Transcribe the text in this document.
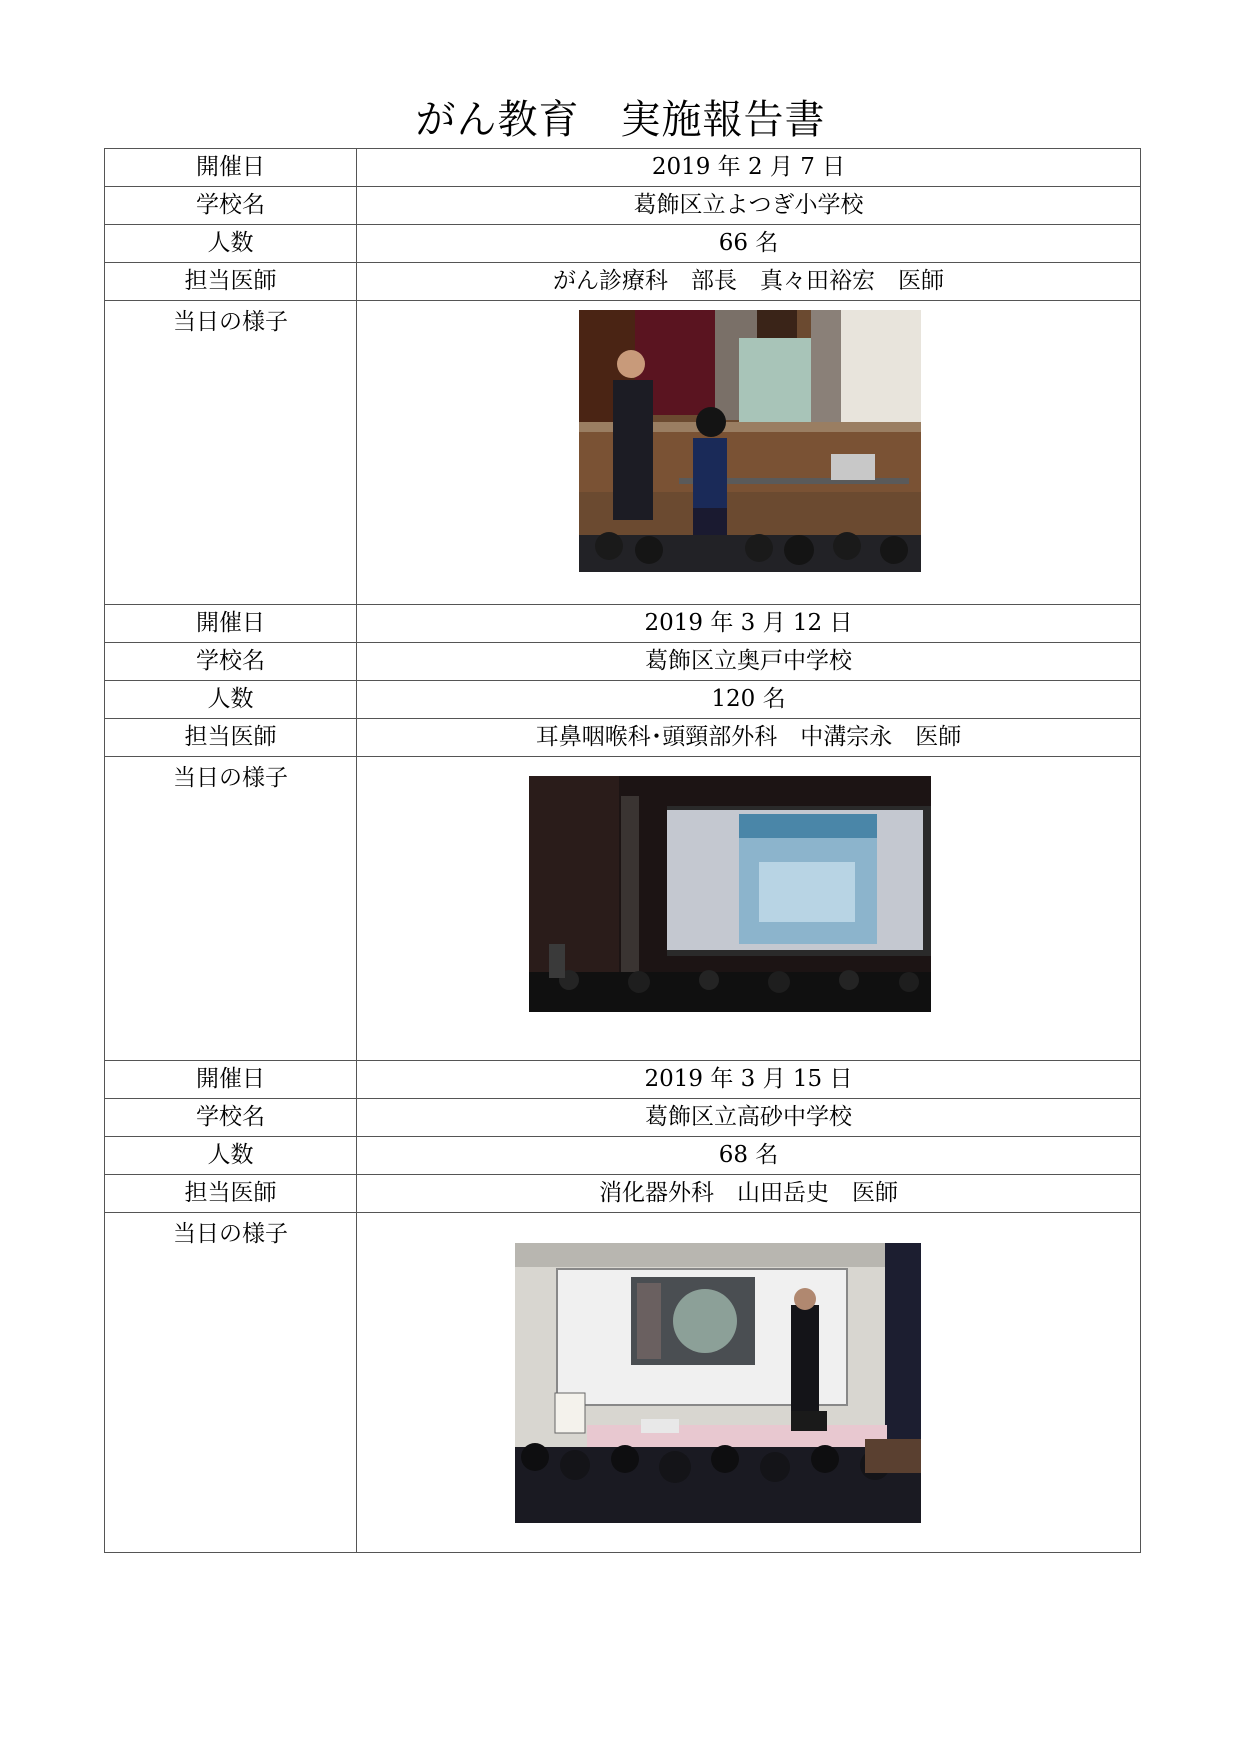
がん教育　実施報告書
開催日	2019 年 2 月 7 日
学校名	葛飾区立よつぎ小学校
人数	66 名
担当医師	がん診療科　部長　真々田裕宏　医師
当日の様子	

開催日	2019 年 3 月 12 日
学校名	葛飾区立奥戸中学校
人数	120 名
担当医師	耳鼻咽喉科･頭頸部外科　中溝宗永　医師
当日の様子	

開催日	2019 年 3 月 15 日
学校名	葛飾区立高砂中学校
人数	68 名
担当医師	消化器外科　山田岳史　医師
当日の様子	
